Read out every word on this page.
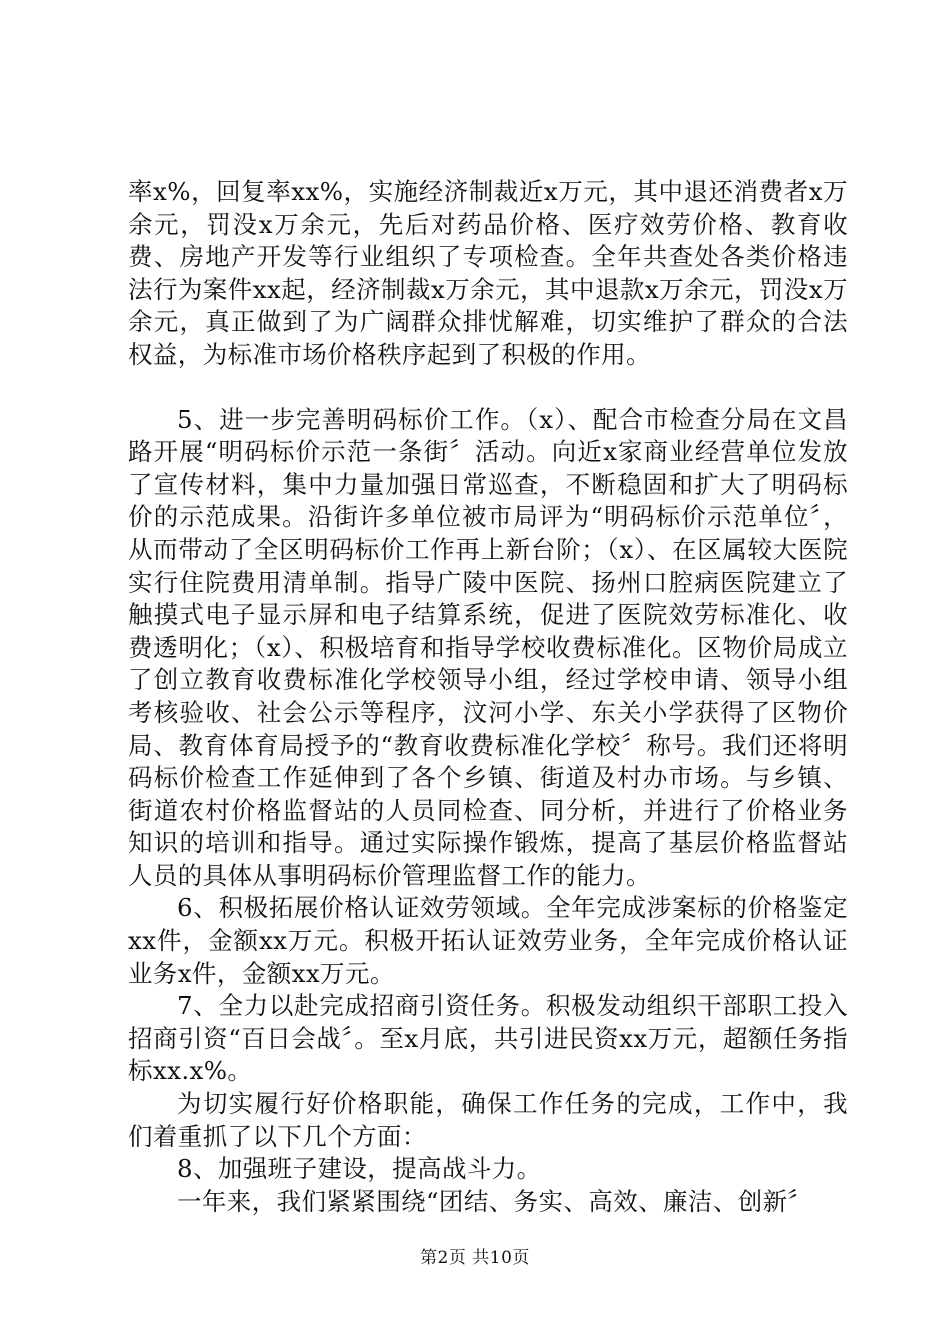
率x%，回复率xx%，实施经济制裁近x万元，其中退还消费者x万余元，罚没x万余元，先后对药品价格、医疗效劳价格、教育收费、房地产开发等行业组织了专项检查。全年共查处各类价格违法行为案件xx起，经济制裁x万余元，其中退款x万余元，罚没x万余元，真正做到了为广阔群众排忧解难，切实维护了群众的合法权益，为标准市场价格秩序起到了积极的作用。

5、进一步完善明码标价工作。（x）、配合市检查分局在文昌路开展“明码标价示范一条街〞活动。向近x家商业经营单位发放了宣传材料，集中力量加强日常巡查，不断稳固和扩大了明码标价的示范成果。沿街许多单位被市局评为“明码标价示范单位〞，从而带动了全区明码标价工作再上新台阶；（x）、在区属较大医院实行住院费用清单制。指导广陵中医院、扬州口腔病医院建立了触摸式电子显示屏和电子结算系统，促进了医院效劳标准化、收费透明化；（x）、积极培育和指导学校收费标准化。区物价局成立了创立教育收费标准化学校领导小组，经过学校申请、领导小组考核验收、社会公示等程序，汶河小学、东关小学获得了区物价局、教育体育局授予的“教育收费标准化学校〞称号。我们还将明码标价检查工作延伸到了各个乡镇、街道及村办市场。与乡镇、街道农村价格监督站的人员同检查、同分析，并进行了价格业务知识的培训和指导。通过实际操作锻炼，提高了基层价格监督站人员的具体从事明码标价管理监督工作的能力。

6、积极拓展价格认证效劳领域。全年完成涉案标的价格鉴定xx件，金额xx万元。积极开拓认证效劳业务，全年完成价格认证业务x件，金额xx万元。

7、全力以赴完成招商引资任务。积极发动组织干部职工投入招商引资“百日会战〞。至x月底，共引进民资xx万元，超额任务指标xx.x%。

为切实履行好价格职能，确保工作任务的完成，工作中，我们着重抓了以下几个方面：

8、加强班子建设，提高战斗力。

一年来，我们紧紧围绕“团结、务实、高效、廉洁、创新〞

第2页 共10页
